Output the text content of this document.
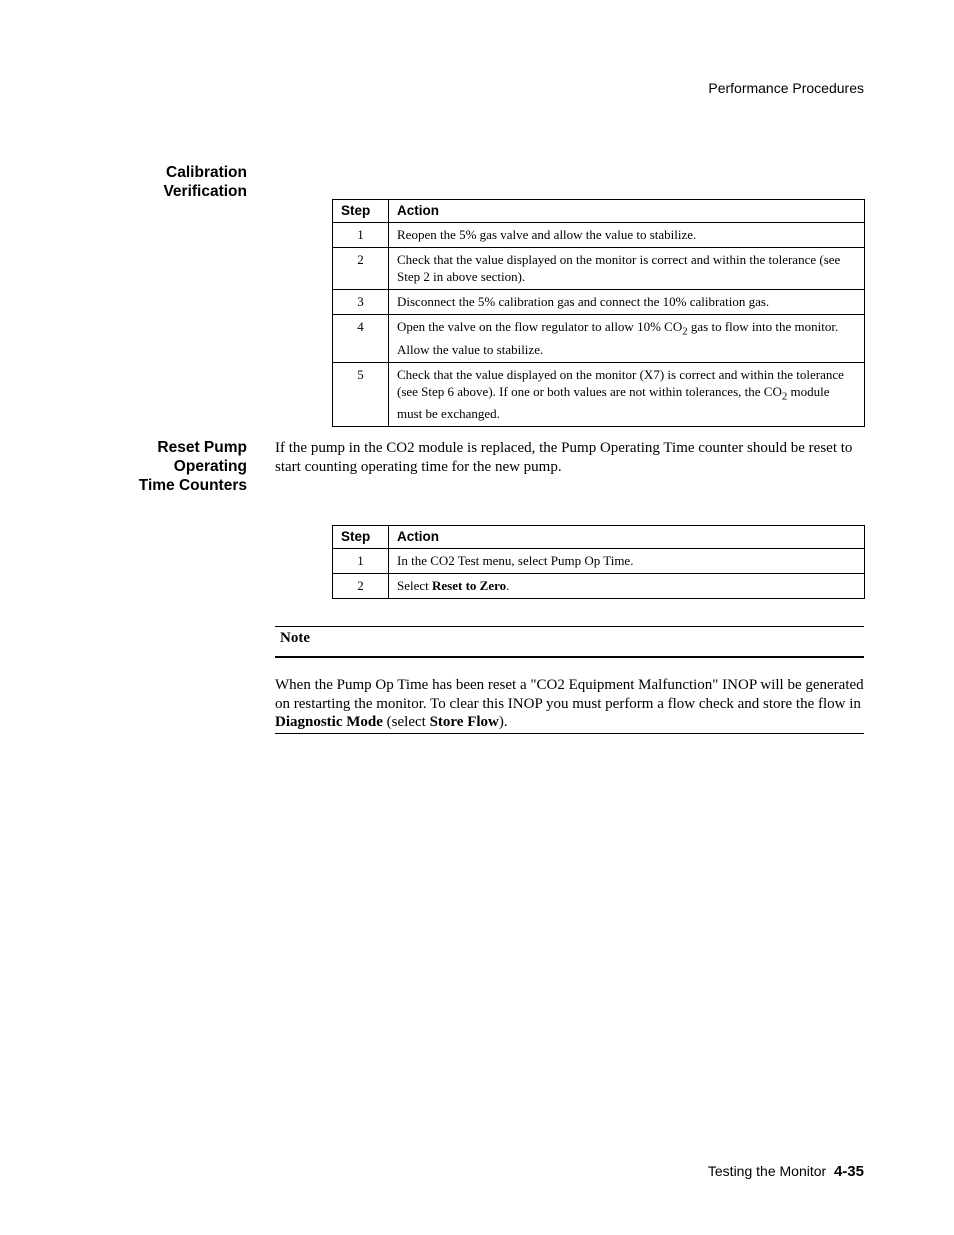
Performance Procedures
Calibration
Verification
Step	Action
1	Reopen the 5% gas valve and allow the value to stabilize.
2	Check that the value displayed on the monitor is correct and within the tolerance (see Step 2 in above section).
3	Disconnect the 5% calibration gas and connect the 10% calibration gas.
4	Open the valve on the flow regulator to allow 10% $CO_2$ gas to flow into the monitor. Allow the value to stabilize.
5	Check that the value displayed on the monitor (X7) is correct and within the tolerance (see Step 6 above). If one or both values are not within tolerances, the $CO_2$ module must be exchanged.
Reset Pump
Operating
Time Counters
If the pump in the CO2 module is replaced, the Pump Operating Time counter should be reset to start counting operating time for the new pump.
Step	Action
1	In the CO2 Test menu, select Pump Op Time.
2	Select Reset to Zero.
Note
When the Pump Op Time has been reset a "CO2 Equipment Malfunction" INOP will be generated on restarting the monitor. To clear this INOP you must perform a flow check and store the flow in Diagnostic Mode (select Store Flow).
Testing the Monitor 4-35
